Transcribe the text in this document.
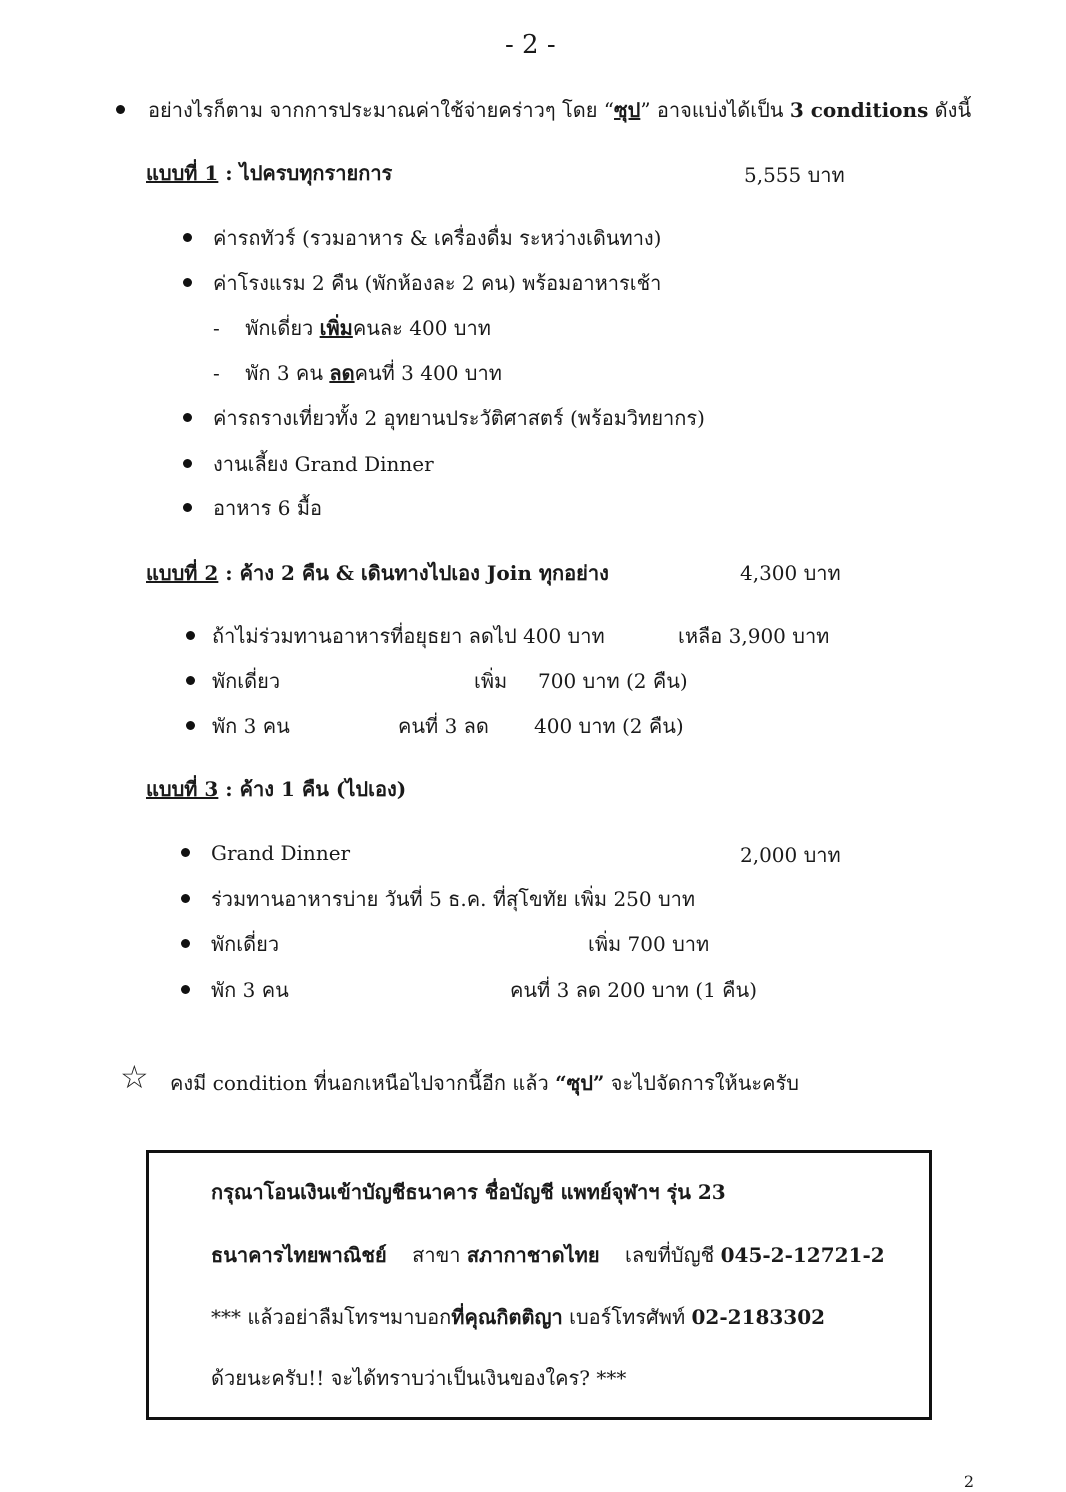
- 2 -
อย่างไรก็ตาม จากการประมาณค่าใช้จ่ายคร่าวๆ โดย “ซุป” อาจแบ่งได้เป็น 3 conditions ดังนี้
แบบที่ 1 : ไปครบทุกรายการ	5,555 บาท
ค่ารถทัวร์ (รวมอาหาร & เครื่องดื่ม ระหว่างเดินทาง)
ค่าโรงแรม 2 คืน (พักห้องละ 2 คน) พร้อมอาหารเช้า
- พักเดี่ยว เพิ่มคนละ 400 บาท
- พัก 3 คน ลดคนที่ 3 400 บาท
ค่ารถรางเที่ยวทั้ง 2 อุทยานประวัติศาสตร์ (พร้อมวิทยากร)
งานเลี้ยง Grand Dinner
อาหาร 6 มื้อ
แบบที่ 2 : ค้าง 2 คืน & เดินทางไปเอง Join ทุกอย่าง	4,300 บาท
ถ้าไม่ร่วมทานอาหารที่อยุธยา ลดไป 400 บาท	เหลือ 3,900 บาท
พักเดี่ยว	เพิ่ม 700 บาท (2 คืน)
พัก 3 คน	คนที่ 3 ลด 400 บาท (2 คืน)
แบบที่ 3 : ค้าง 1 คืน (ไปเอง)
Grand Dinner	2,000 บาท
ร่วมทานอาหารบ่าย วันที่ 5 ธ.ค. ที่สุโขทัย เพิ่ม 250 บาท
พักเดี่ยว	เพิ่ม 700 บาท
พัก 3 คน	คนที่ 3 ลด 200 บาท (1 คืน)
☆ คงมี condition ที่นอกเหนือไปจากนี้อีก แล้ว “ซุป” จะไปจัดการให้นะครับ
กรุณาโอนเงินเข้าบัญชีธนาคาร ชื่อบัญชี แพทย์จุฬาฯ รุ่น 23
ธนาคารไทยพาณิชย์ สาขา สภากาชาดไทย เลขที่บัญชี 045-2-12721-2
*** แล้วอย่าลืมโทรฯมาบอกที่คุณกิตติญา เบอร์โทรศัพท์ 02-2183302
ด้วยนะครับ!! จะได้ทราบว่าเป็นเงินของใคร? ***
2
